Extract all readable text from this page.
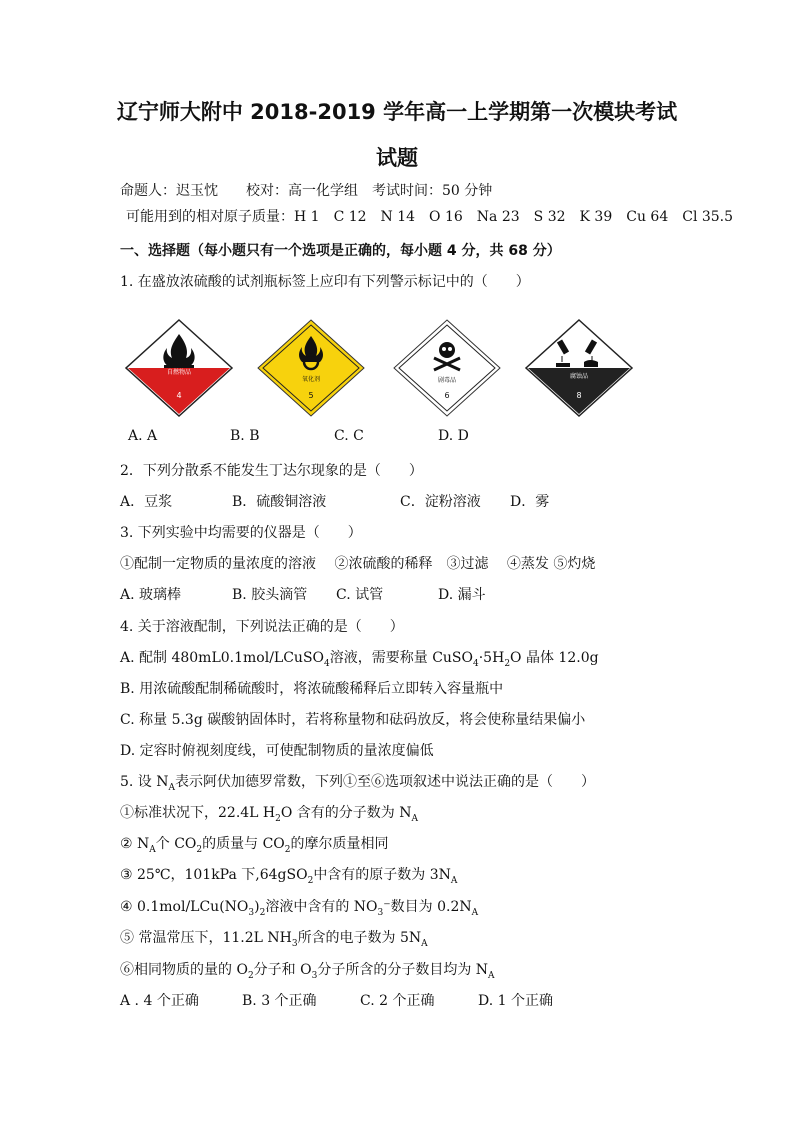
辽宁师大附中 2018-2019 学年高一上学期第一次模块考试
试题
命题人：迟玉忱　　校对：高一化学组　考试时间：50 分钟
可能用到的相对原子质量：H 1　C 12　N 14　O 16　Na 23　S 32　K 39　Cu 64　Cl 35.5
一、选择题（每小题只有一个选项是正确的，每小题 4 分，共 68 分）
1. 在盛放浓硫酸的试剂瓶标签上应印有下列警示标记中的（　　）
自燃物品
4
氧化剂
5
剧毒品
6
腐蚀品
8
A. A	B. B	C. C	D. D
2．下列分散系不能发生丁达尔现象的是（　　）
A．豆浆	B．硫酸铜溶液	C．淀粉溶液 D．雾
3. 下列实验中均需要的仪器是（　　）
①配制一定物质的量浓度的溶液　 ②浓硫酸的稀释　③过滤　 ④蒸发 ⑤灼烧
A. 玻璃棒	B. 胶头滴管 C. 试管	D. 漏斗
4. 关于溶液配制，下列说法正确的是（　　）
A. 配制 480mL0.1mol/LCuSO$_4$溶液，需要称量 $CuSO_4\cdot 5H_2O$ 晶体 12.0g
B. 用浓硫酸配制稀硫酸时，将浓硫酸稀释后立即转入容量瓶中
C. 称量 5.3g 碳酸钠固体时，若将称量物和砝码放反，将会使称量结果偏小
D. 定容时俯视刻度线，可使配制物质的量浓度偏低
5. 设 $N_A$表示阿伏加德罗常数，下列①至⑥选项叙述中说法正确的是（　　）
①标准状况下，22.4L $H_2O$ 含有的分子数为 $N_A$
② $N_A$个 $CO_2$的质量与 $CO_2$的摩尔质量相同
③ 25℃，101kPa 下,64gSO$_2$中含有的原子数为 $3N_A$
④ $0.1mol/LCu(NO_3)_2$溶液中含有的 $NO_3^-$数目为 $0.2N_A$
⑤ 常温常压下，11.2L $NH_3$所含的电子数为 $5N_A$
⑥相同物质的量的 $O_2$分子和 $O_3$分子所含的分子数目均为 $N_A$
A . 4 个正确	B. 3 个正确	C. 2 个正确	D. 1 个正确
